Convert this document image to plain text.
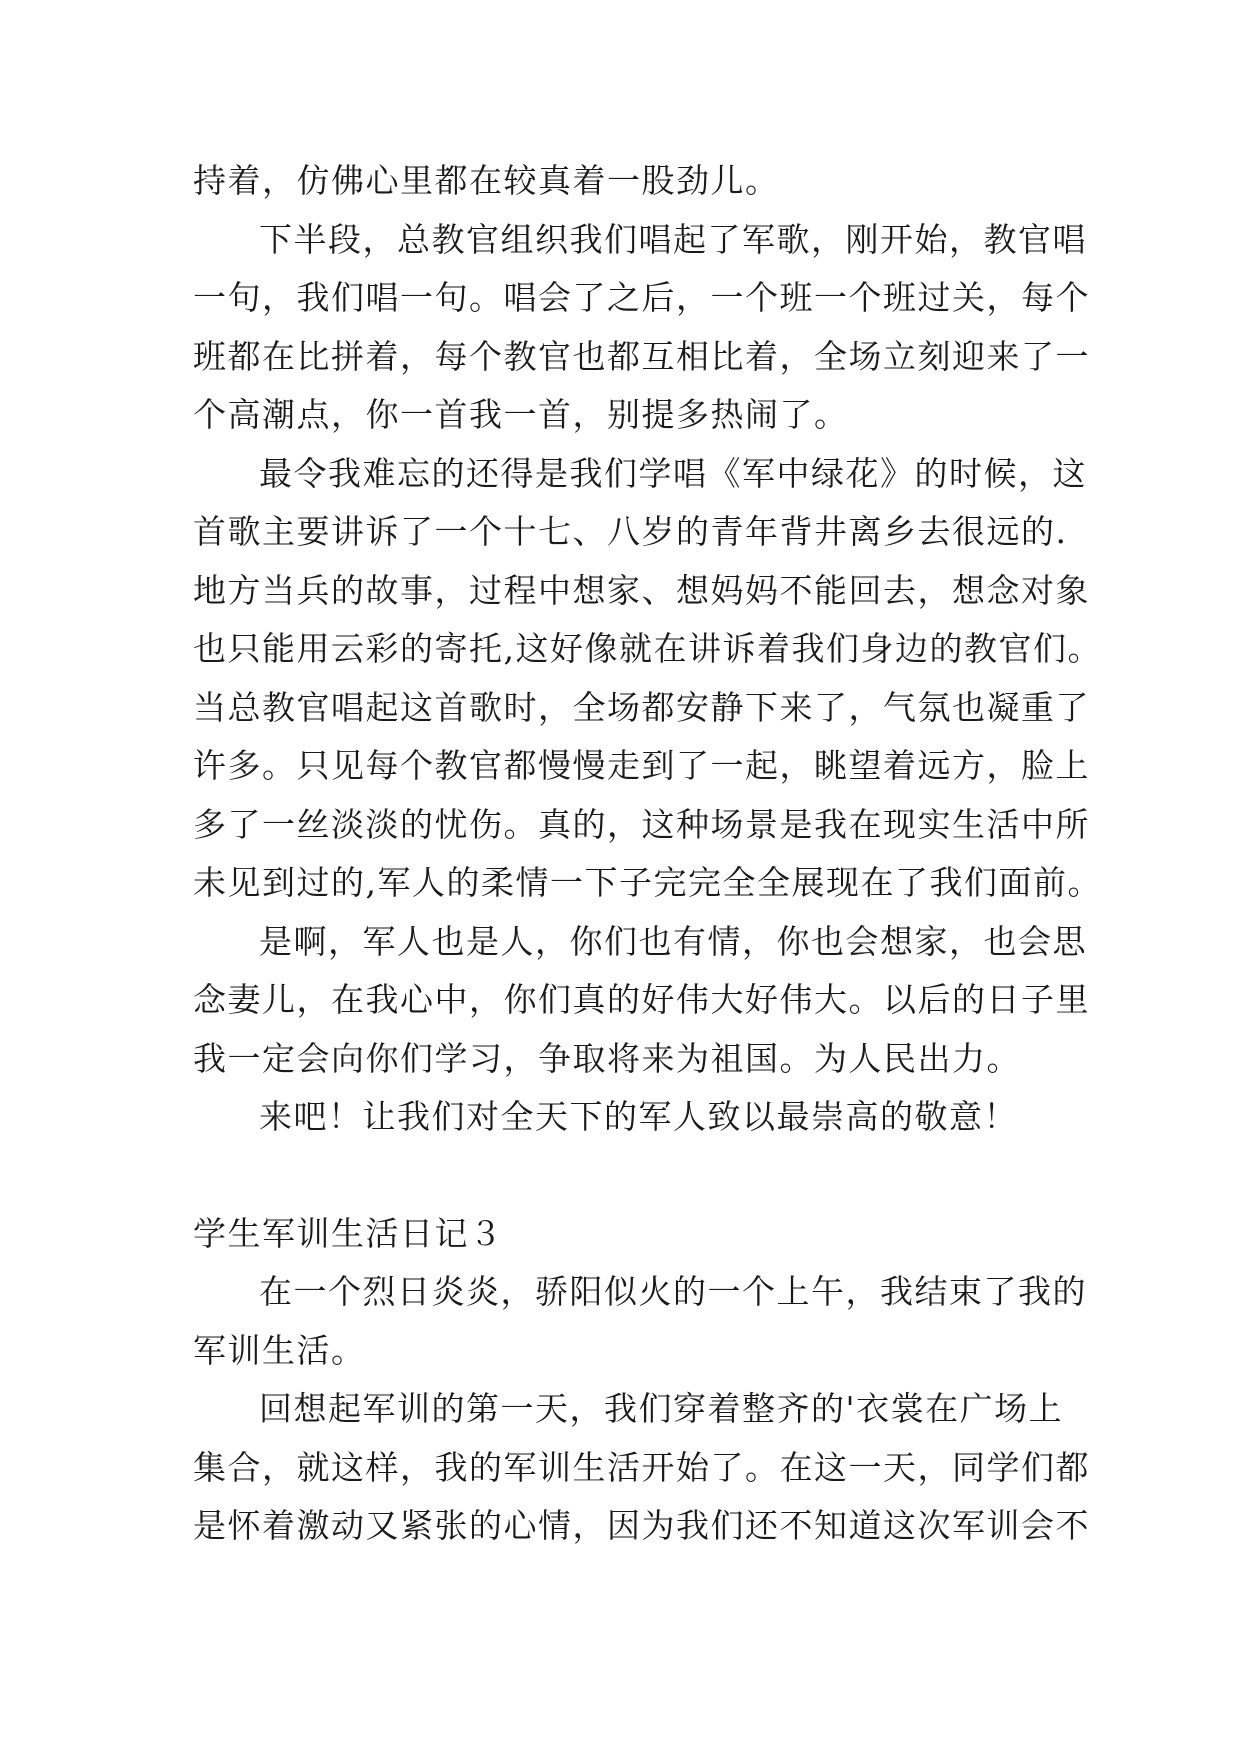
持着，仿佛心里都在较真着一股劲儿。
下半段，总教官组织我们唱起了军歌，刚开始，教官唱
一句，我们唱一句。唱会了之后，一个班一个班过关，每个
班都在比拼着，每个教官也都互相比着，全场立刻迎来了一
个高潮点，你一首我一首，别提多热闹了。
最令我难忘的还得是我们学唱《军中绿花》的时候，这
首歌主要讲诉了一个十七、八岁的青年背井离乡去很远的.
地方当兵的故事，过程中想家、想妈妈不能回去，想念对象
也只能用云彩的寄托,这好像就在讲诉着我们身边的教官们。
当总教官唱起这首歌时，全场都安静下来了，气氛也凝重了
许多。只见每个教官都慢慢走到了一起，眺望着远方，脸上
多了一丝淡淡的忧伤。真的，这种场景是我在现实生活中所
未见到过的,军人的柔情一下子完完全全展现在了我们面前。
是啊，军人也是人，你们也有情，你也会想家，也会思
念妻儿，在我心中，你们真的好伟大好伟大。以后的日子里
我一定会向你们学习，争取将来为祖国。为人民出力。
来吧！让我们对全天下的军人致以最崇高的敬意！
学生军训生活日记３
在一个烈日炎炎，骄阳似火的一个上午，我结束了我的
军训生活。
回想起军训的第一天，我们穿着整齐的'衣裳在广场上
集合，就这样，我的军训生活开始了。在这一天，同学们都
是怀着激动又紧张的心情，因为我们还不知道这次军训会不
